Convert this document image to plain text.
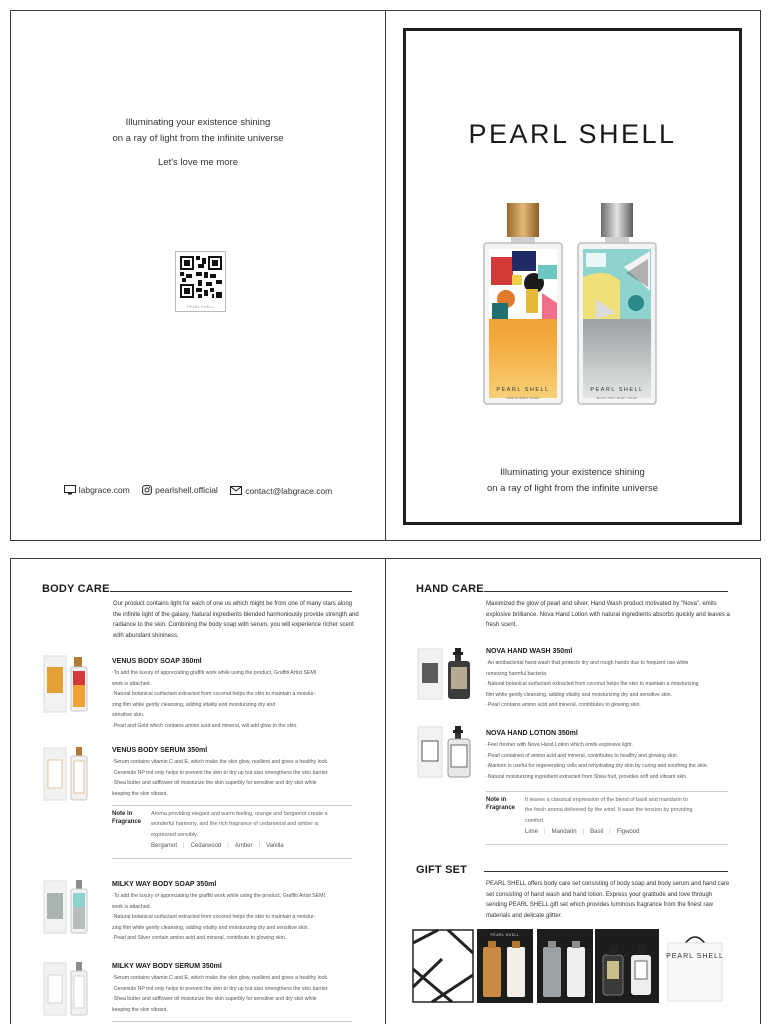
Illuminating your existence shining
on a ray of light from the infinite universe
Let's love me more
PEARL SHELL
labgrace.com
	pearlshell.official
	contact@labgrace.com
PEARL SHELL
PEARL SHELL
VENUS BODY SOAP
PEARL SHELL
MILKY WAY BODY SOAP
Illuminating your existence shining
on a ray of light from the infinite universe
BODY CARE
Our product contains light for each of one us which might be from one of many stars along the infinite light of the galaxy. Natural ingredients blended harmoniously provide strength and radiance to the skin. Combining the body soap with serum, you will experience richer scent with abundant shininess.
VENUS BODY SOAP 350ml
·To add the luxury of appreciating graffiti work while using the product, Graffiti Artist SEMI
work is attached.
·Natural botanical surfactant extracted from coconut helps the skin to maintain a moistur-
zing film while gently cleansing, adding vitality and moisturizing dry and
sensitive skin.
·Pearl and Gold which contains amino acid and mineral, will add glow to the skin.
VENUS BODY SERUM 350ml
·Serum contains vitamin C and E, which make the skin glow, resilient and gives a healthy look.
·Ceramide NP not only helps to prevent the skin to dry up but also strengthens the skin barrier.
·Shea butter and safflower oil moisturize the skin superbly for sensitive and dry skin while
keeping the skin vibrant.
Note in Fragrance
Aroma providing elegant and warm feeling, orange and bergamot create a
wonderful harmony, and the rich fragrance of cedarwood and amber is
expressed sensibly.
Bergamot | Cedarwood | Amber | Vanilla
MILKY WAY BODY SOAP 350ml
·To add the luxury of appreciating the graffiti work while using the product, Graffiti Artist SEMI
work is attached.
·Natural botanical surfactant extracted from coconut helps the skin to maintain a moistur-
zing film while gently cleansing, adding vitality and moisturizing dry and sensitive skin.
·Pearl and Silver contain amino acid and mineral, contribute to glowing skin.
MILKY WAY BODY SERUM 350ml
·Serum contains vitamin C and E, which make the skin glow, resilient and gives a healthy look.
·Ceramide NP not only helps to prevent the skin to dry up but also strengthens the skin barrier.
·Shea butter and safflower oil moisturize the skin superbly for sensitive and dry skin while
keeping the skin vibrant.
HAND CARE
Maximized the glow of pearl and silver, Hand Wash product motivated by "Nova", emits explosive brilliance. Nova Hand Lotion with natural ingredients absorbs quickly and leaves a fresh scent.
NOVA HAND WASH 350ml
·An antibacterial hand wash that protects dry and rough hands due to frequent use while
removing harmful bacteria.
·Natural botanical surfactant extracted from coconut helps the skin to maintain a moisturizing
film while gently cleansing, adding vitality and moisturizing dry and sensitive skin.
·Pearl contains amino acid and mineral, contributes to glowing skin.
NOVA HAND LOTION 350ml
·Feel fresher with Nova Hand Lotion which emits explosive light.
·Pearl contained of amino acid and mineral, contributes to healthy and glowing skin.
·Alantoin is useful for regenerating cells and rehydrating dry skin by curing and soothing the skin.
·Natural moisturizing ingredient extracted from Shea fruit, provides soft and vibrant skin.
Note in Fragrance
It leaves a classical impression of the blend of basil and mandarin to
the fresh aroma delivered by the wind. It ease the tension by providing
comfort.
Lime | Mandarin | Basil | Figwood
GIFT SET
PEARL SHELL offers body care set consisting of body soap and body serum and hand care set consisting of hand wash and hand lotion. Express your gratitude and love through sending PEARL SHELL gift set which provides luminous fragrance from the finest raw materials and delicate glitter.
PEARL SHELL
PEARL SHELL
